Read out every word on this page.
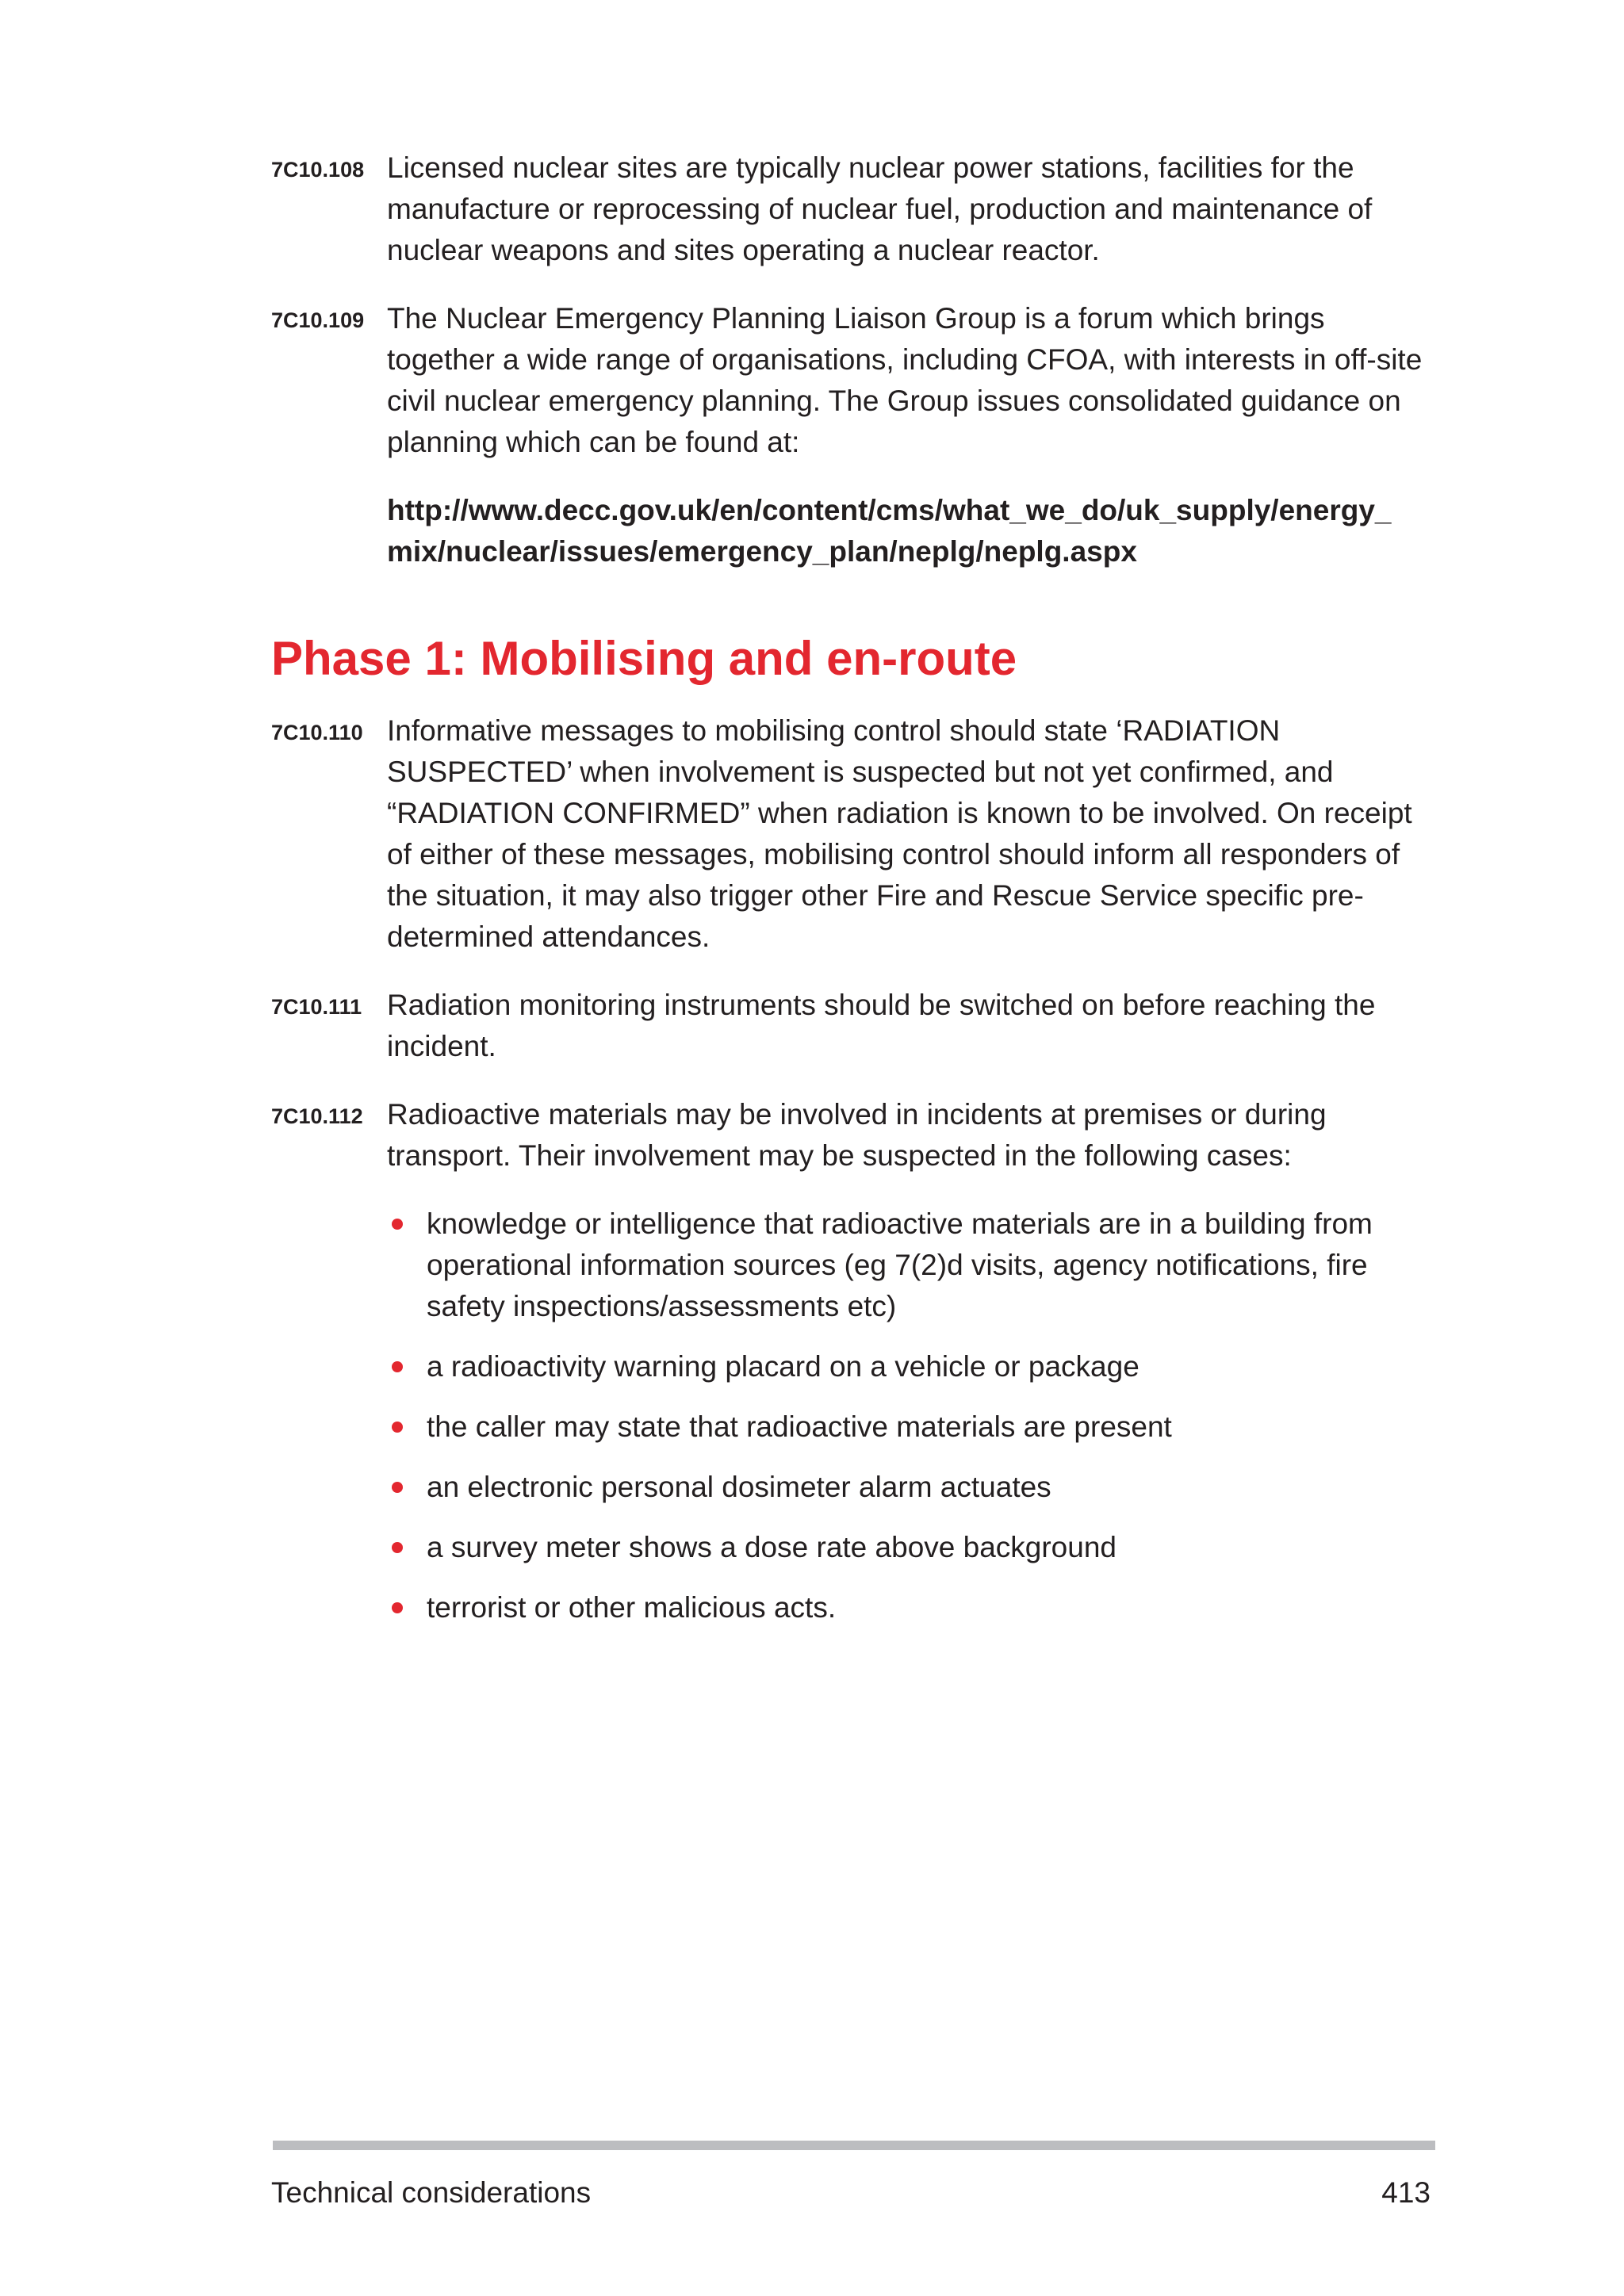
7C10.108 Licensed nuclear sites are typically nuclear power stations, facilities for the manufacture or reprocessing of nuclear fuel, production and maintenance of nuclear weapons and sites operating a nuclear reactor.
7C10.109 The Nuclear Emergency Planning Liaison Group is a forum which brings together a wide range of organisations, including CFOA, with interests in off-site civil nuclear emergency planning. The Group issues consolidated guidance on planning which can be found at:
http://www.decc.gov.uk/en/content/cms/what_we_do/uk_supply/energy_
mix/nuclear/issues/emergency_plan/neplg/neplg.aspx
Phase 1: Mobilising and en-route
7C10.110 Informative messages to mobilising control should state ‘RADIATION SUSPECTED’ when involvement is suspected but not yet confirmed, and “RADIATION CONFIRMED” when radiation is known to be involved. On receipt of either of these messages, mobilising control should inform all responders of the situation, it may also trigger other Fire and Rescue Service specific pre-determined attendances.
7C10.111 Radiation monitoring instruments should be switched on before reaching the incident.
7C10.112 Radioactive materials may be involved in incidents at premises or during transport. Their involvement may be suspected in the following cases:
knowledge or intelligence that radioactive materials are in a building from operational information sources (eg 7(2)d visits, agency notifications, fire safety inspections/assessments etc)
a radioactivity warning placard on a vehicle or package
the caller may state that radioactive materials are present
an electronic personal dosimeter alarm actuates
a survey meter shows a dose rate above background
terrorist or other malicious acts.
Technical considerations	413
